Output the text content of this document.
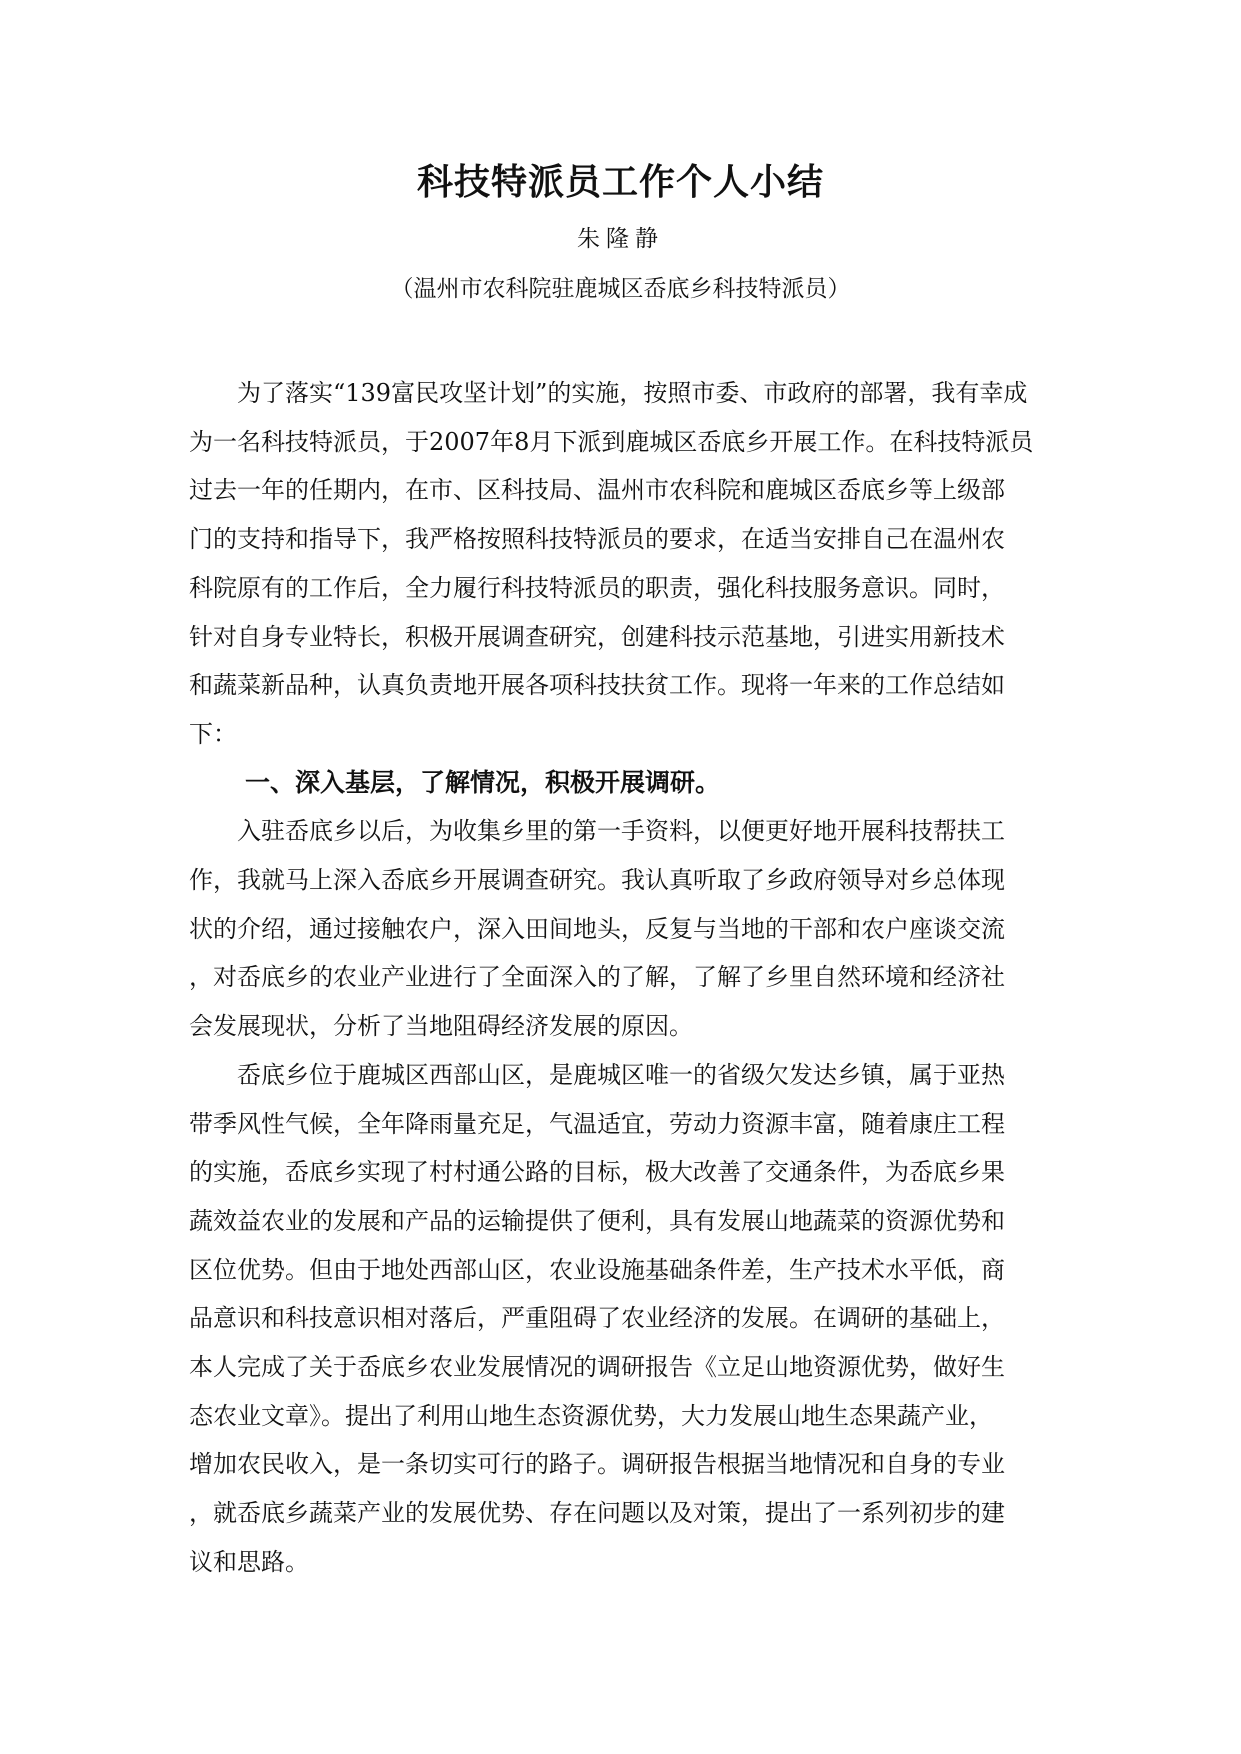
科技特派员工作个人小结
朱隆静
（温州市农科院驻鹿城区岙底乡科技特派员）
为了落实“139富民攻坚计划”的实施，按照市委、市政府的部署，我有幸成
为一名科技特派员，于2007年8月下派到鹿城区岙底乡开展工作。在科技特派员
过去一年的任期内，在市、区科技局、温州市农科院和鹿城区岙底乡等上级部
门的支持和指导下，我严格按照科技特派员的要求，在适当安排自己在温州农
科院原有的工作后，全力履行科技特派员的职责，强化科技服务意识。同时，
针对自身专业特长，积极开展调查研究，创建科技示范基地，引进实用新技术
和蔬菜新品种，认真负责地开展各项科技扶贫工作。现将一年来的工作总结如
下：
一、深入基层，了解情况，积极开展调研。
入驻岙底乡以后，为收集乡里的第一手资料，以便更好地开展科技帮扶工
作，我就马上深入岙底乡开展调查研究。我认真听取了乡政府领导对乡总体现
状的介绍，通过接触农户，深入田间地头，反复与当地的干部和农户座谈交流
，对岙底乡的农业产业进行了全面深入的了解，了解了乡里自然环境和经济社
会发展现状，分析了当地阻碍经济发展的原因。
岙底乡位于鹿城区西部山区，是鹿城区唯一的省级欠发达乡镇，属于亚热
带季风性气候，全年降雨量充足，气温适宜，劳动力资源丰富，随着康庄工程
的实施，岙底乡实现了村村通公路的目标，极大改善了交通条件，为岙底乡果
蔬效益农业的发展和产品的运输提供了便利，具有发展山地蔬菜的资源优势和
区位优势。但由于地处西部山区，农业设施基础条件差，生产技术水平低，商
品意识和科技意识相对落后，严重阻碍了农业经济的发展。在调研的基础上，
本人完成了关于岙底乡农业发展情况的调研报告《立足山地资源优势，做好生
态农业文章》。提出了利用山地生态资源优势，大力发展山地生态果蔬产业，
增加农民收入，是一条切实可行的路子。调研报告根据当地情况和自身的专业
，就岙底乡蔬菜产业的发展优势、存在问题以及对策，提出了一系列初步的建
议和思路。
